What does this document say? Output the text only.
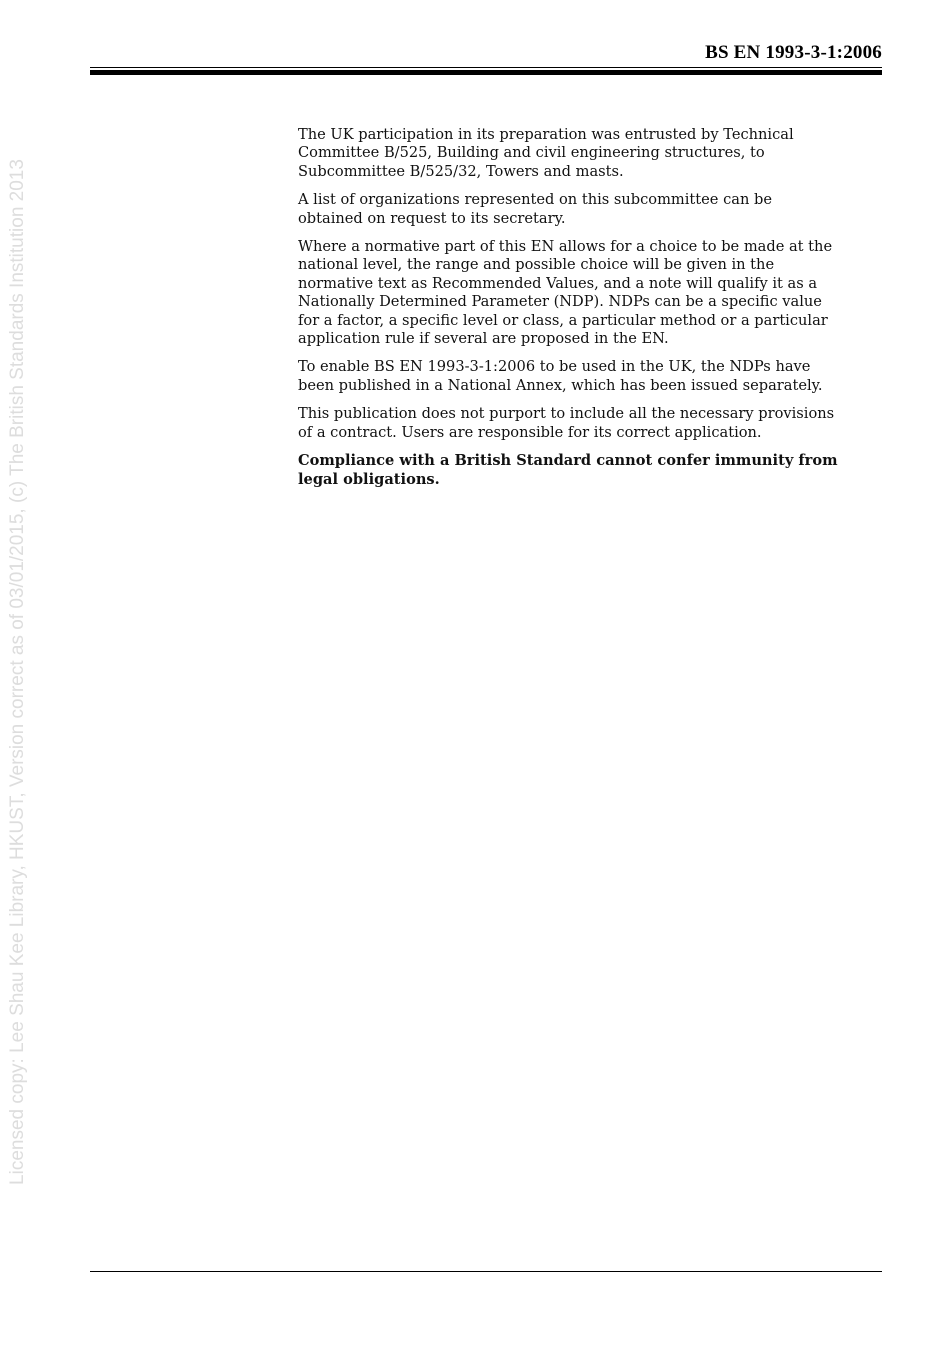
BS EN 1993-3-1:2006
Licensed copy: Lee Shau Kee Library, HKUST, Version correct as of 03/01/2015, (c) The British Standards Institution 2013

The UK participation in its preparation was entrusted by Technical Committee B/525, Building and civil engineering structures, to Subcommittee B/525/32, Towers and masts.

A list of organizations represented on this subcommittee can be obtained on request to its secretary.

Where a normative part of this EN allows for a choice to be made at the national level, the range and possible choice will be given in the normative text as Recommended Values, and a note will qualify it as a Nationally Determined Parameter (NDP). NDPs can be a specific value for a factor, a specific level or class, a particular method or a particular application rule if several are proposed in the EN.

To enable BS EN 1993-3-1:2006 to be used in the UK, the NDPs have been published in a National Annex, which has been issued separately.

This publication does not purport to include all the necessary provisions of a contract. Users are responsible for its correct application.

Compliance with a British Standard cannot confer immunity from legal obligations.
